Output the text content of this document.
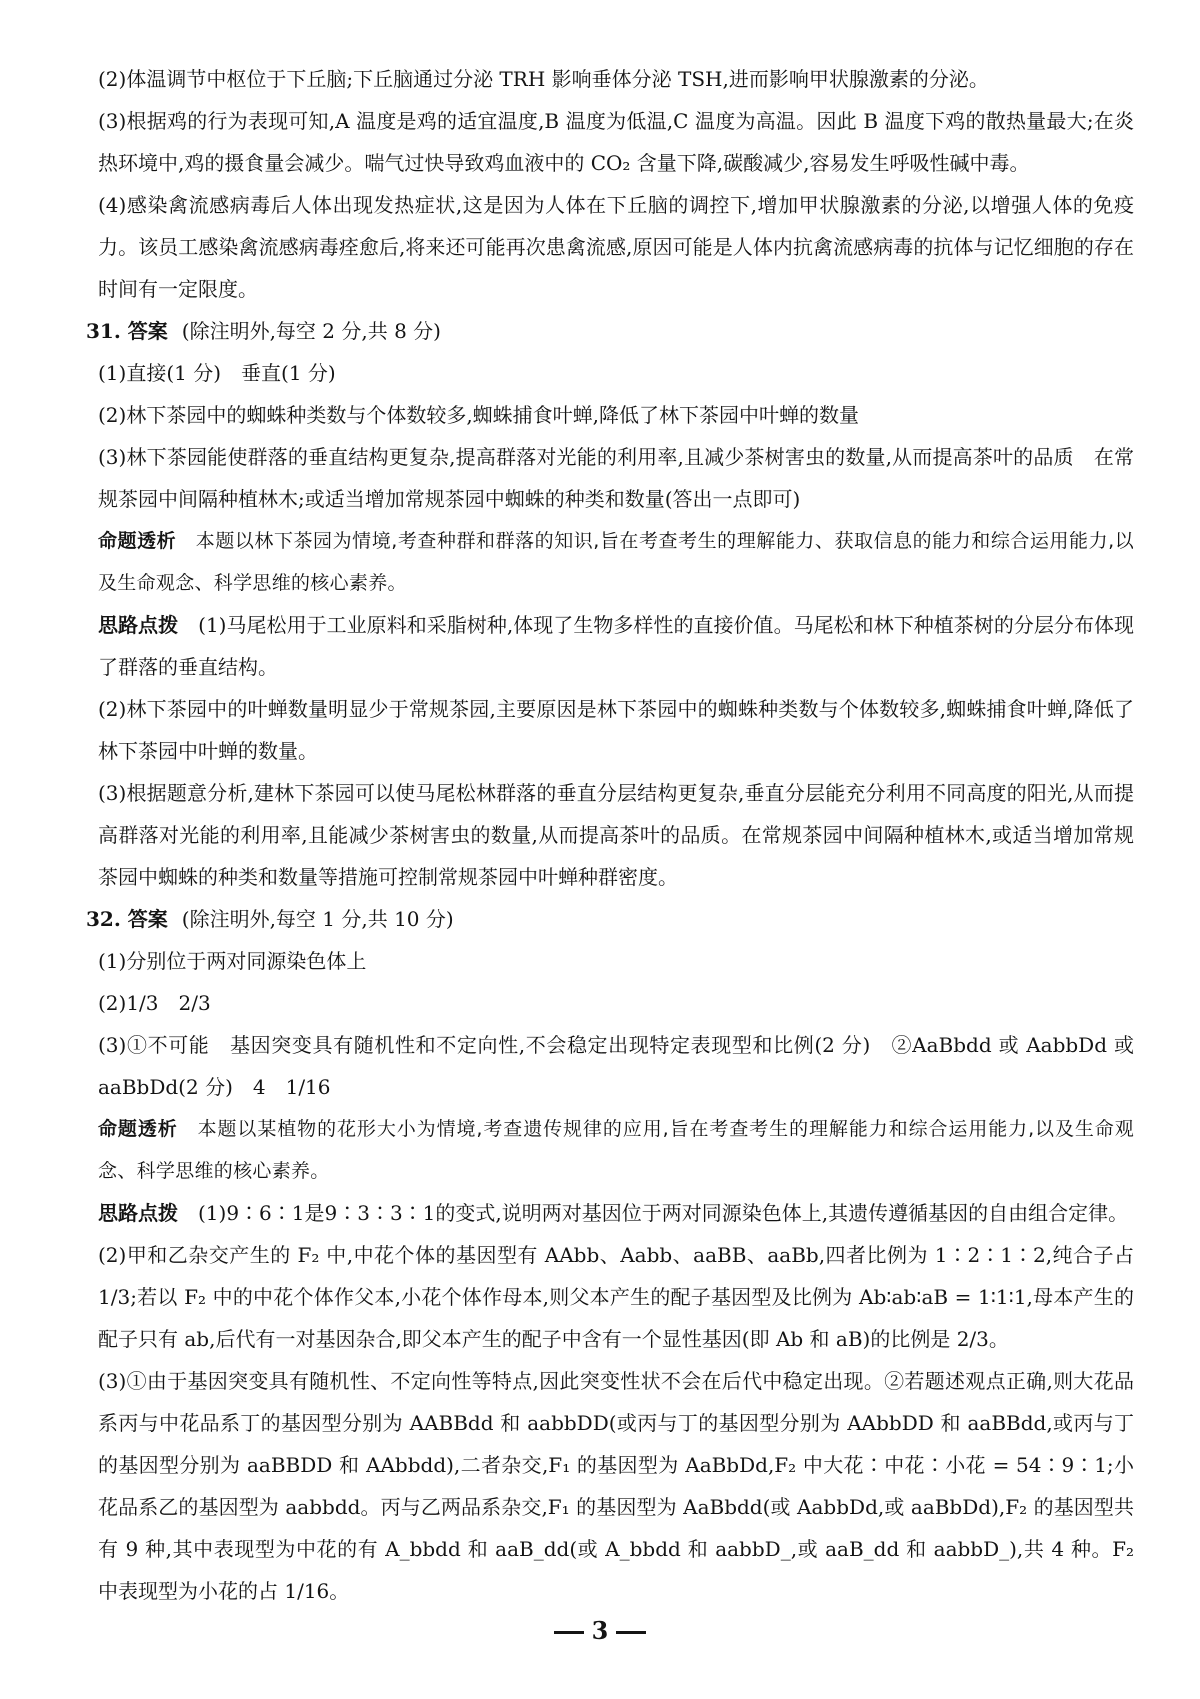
(2)体温调节中枢位于下丘脑;下丘脑通过分泌 TRH 影响垂体分泌 TSH,进而影响甲状腺激素的分泌。

(3)根据鸡的行为表现可知,A 温度是鸡的适宜温度,B 温度为低温,C 温度为高温。因此 B 温度下鸡的散热量最大;在炎热环境中,鸡的摄食量会减少。喘气过快导致鸡血液中的 CO₂ 含量下降,碳酸减少,容易发生呼吸性碱中毒。

(4)感染禽流感病毒后人体出现发热症状,这是因为人体在下丘脑的调控下,增加甲状腺激素的分泌,以增强人体的免疫力。该员工感染禽流感病毒痊愈后,将来还可能再次患禽流感,原因可能是人体内抗禽流感病毒的抗体与记忆细胞的存在时间有一定限度。

31. 答案 (除注明外,每空 2 分,共 8 分)

(1)直接(1 分)　垂直(1 分)

(2)林下茶园中的蜘蛛种类数与个体数较多,蜘蛛捕食叶蝉,降低了林下茶园中叶蝉的数量

(3)林下茶园能使群落的垂直结构更复杂,提高群落对光能的利用率,且减少茶树害虫的数量,从而提高茶叶的品质　在常规茶园中间隔种植林木;或适当增加常规茶园中蜘蛛的种类和数量(答出一点即可)

命题透析　 本题以林下茶园为情境,考查种群和群落的知识,旨在考查考生的理解能力、获取信息的能力和综合运用能力,以及生命观念、科学思维的核心素养。

思路点拨　 (1)马尾松用于工业原料和采脂树种,体现了生物多样性的直接价值。马尾松和林下种植茶树的分层分布体现了群落的垂直结构。

(2)林下茶园中的叶蝉数量明显少于常规茶园,主要原因是林下茶园中的蜘蛛种类数与个体数较多,蜘蛛捕食叶蝉,降低了林下茶园中叶蝉的数量。

(3)根据题意分析,建林下茶园可以使马尾松林群落的垂直分层结构更复杂,垂直分层能充分利用不同高度的阳光,从而提高群落对光能的利用率,且能减少茶树害虫的数量,从而提高茶叶的品质。在常规茶园中间隔种植林木,或适当增加常规茶园中蜘蛛的种类和数量等措施可控制常规茶园中叶蝉种群密度。

32. 答案 (除注明外,每空 1 分,共 10 分)

(1)分别位于两对同源染色体上

(2)1/3　2/3

(3)①不可能　基因突变具有随机性和不定向性,不会稳定出现特定表现型和比例(2 分)　②AaBbdd 或 AabbDd 或 aaBbDd(2 分)　4　1/16

命题透析　 本题以某植物的花形大小为情境,考查遗传规律的应用,旨在考查考生的理解能力和综合运用能力,以及生命观念、科学思维的核心素养。

思路点拨　 (1)9∶6∶1是9∶3∶3∶1的变式,说明两对基因位于两对同源染色体上,其遗传遵循基因的自由组合定律。

(2)甲和乙杂交产生的 F₂ 中,中花个体的基因型有 AAbb、Aabb、aaBB、aaBb,四者比例为 1∶2∶1∶2,纯合子占 1/3;若以 F₂ 中的中花个体作父本,小花个体作母本,则父本产生的配子基因型及比例为 Ab∶ab∶aB = 1∶1∶1,母本产生的配子只有 ab,后代有一对基因杂合,即父本产生的配子中含有一个显性基因(即 Ab 和 aB)的比例是 2/3。

(3)①由于基因突变具有随机性、不定向性等特点,因此突变性状不会在后代中稳定出现。②若题述观点正确,则大花品系丙与中花品系丁的基因型分别为 AABBdd 和 aabbDD(或丙与丁的基因型分别为 AAbbDD 和 aaBBdd,或丙与丁的基因型分别为 aaBBDD 和 AAbbdd),二者杂交,F₁ 的基因型为 AaBbDd,F₂ 中大花∶中花∶小花 = 54∶9∶1;小花品系乙的基因型为 aabbdd。丙与乙两品系杂交,F₁ 的基因型为 AaBbdd(或 AabbDd,或 aaBbDd),F₂ 的基因型共有 9 种,其中表现型为中花的有 A_bbdd 和 aaB_dd(或 A_bbdd 和 aabbD_,或 aaB_dd 和 aabbD_),共 4 种。F₂ 中表现型为小花的占 1/16。

3
